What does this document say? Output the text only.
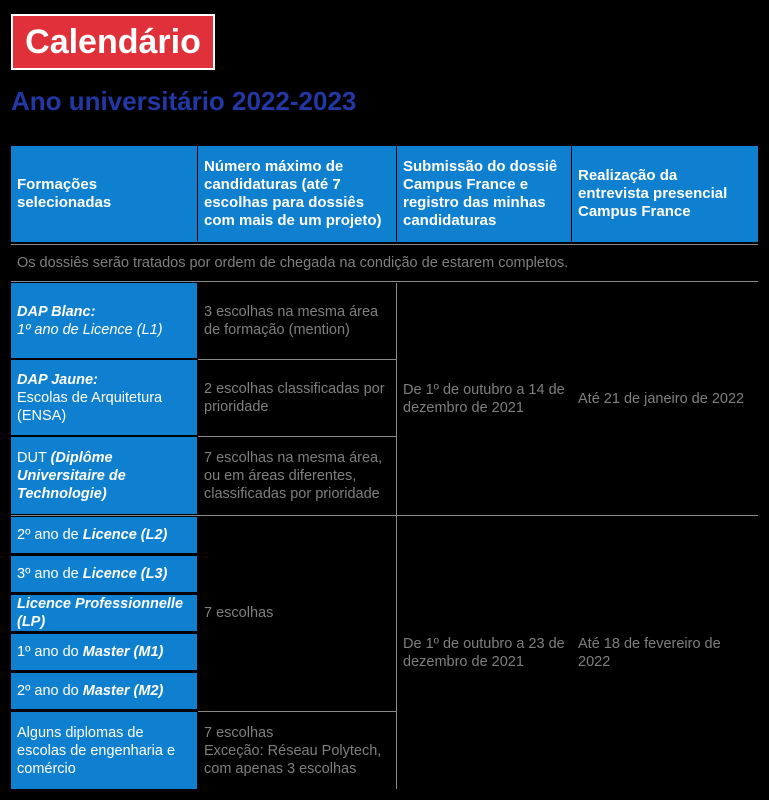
Calendário
Ano universitário 2022-2023
Formações selecionadas
Número máximo de candidaturas (até 7 escolhas para dossiês com mais de um projeto)
Submissão do dossiê Campus France e registro das minhas candidaturas
Realização da entrevista presencial Campus France
Os dossiês serão tratados por ordem de chegada na condição de estarem completos.
DAP Blanc:
1º ano de Licence (L1)
DAP Jaune:
Escolas de Arquitetura (ENSA)
DUT (Diplôme Universitaire de Technologie)
2º ano de Licence (L2)
3º ano de Licence (L3)
Licence Professionnelle (LP)
1º ano do Master (M1)
2º ano do Master (M2)
Alguns diplomas de escolas de engenharia e comércio
3 escolhas na mesma área de formação (mention)
2 escolhas classificadas por prioridade
7 escolhas na mesma área, ou em áreas diferentes, classificadas por prioridade
7 escolhas
7 escolhas
Exceção: Réseau Polytech, com apenas 3 escolhas
De 1º de outubro a 14 de dezembro de 2021
De 1º de outubro a 23 de dezembro de 2021
Até 21 de janeiro de 2022
Até 18 de fevereiro de 2022
